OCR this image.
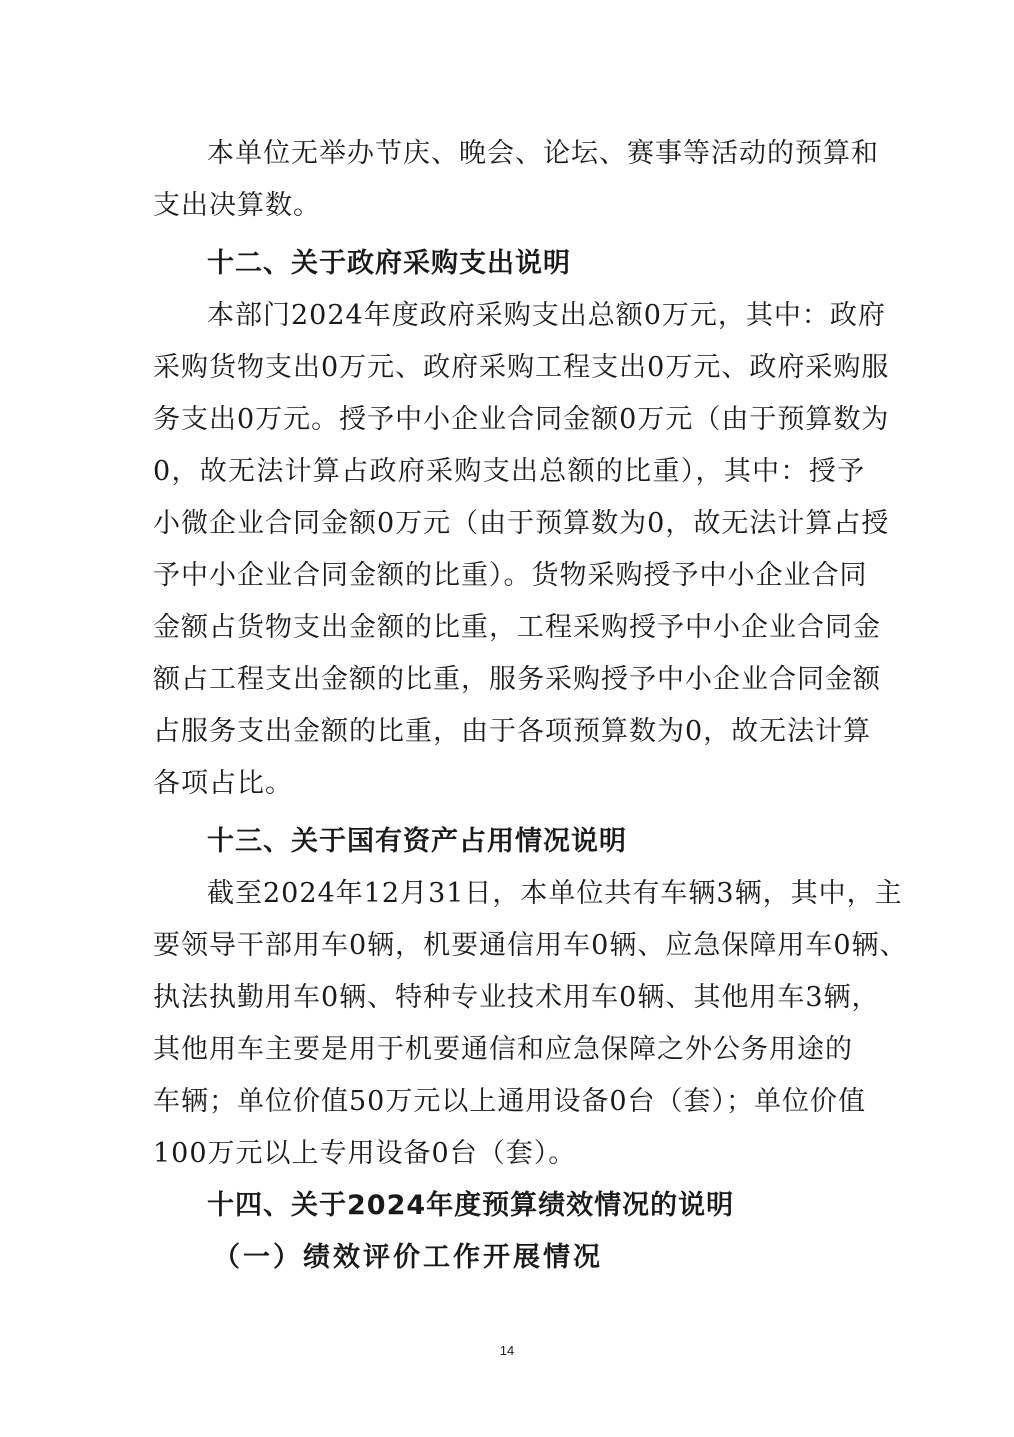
本单位无举办节庆、晚会、论坛、赛事等活动的预算和
支出决算数。
十二、关于政府采购支出说明
本部门2024年度政府采购支出总额0万元，其中：政府
采购货物支出0万元、政府采购工程支出0万元、政府采购服
务支出0万元。授予中小企业合同金额0万元（由于预算数为
0，故无法计算占政府采购支出总额的比重），其中：授予
小微企业合同金额0万元（由于预算数为0，故无法计算占授
予中小企业合同金额的比重）。货物采购授予中小企业合同
金额占货物支出金额的比重，工程采购授予中小企业合同金
额占工程支出金额的比重，服务采购授予中小企业合同金额
占服务支出金额的比重，由于各项预算数为0，故无法计算
各项占比。
十三、关于国有资产占用情况说明
截至2024年12月31日，本单位共有车辆3辆，其中，主
要领导干部用车0辆，机要通信用车0辆、应急保障用车0辆、
执法执勤用车0辆、特种专业技术用车0辆、其他用车3辆，
其他用车主要是用于机要通信和应急保障之外公务用途的
车辆；单位价值50万元以上通用设备0台（套）；单位价值
100万元以上专用设备0台（套）。
十四、关于2024年度预算绩效情况的说明
（一）绩效评价工作开展情况
14
